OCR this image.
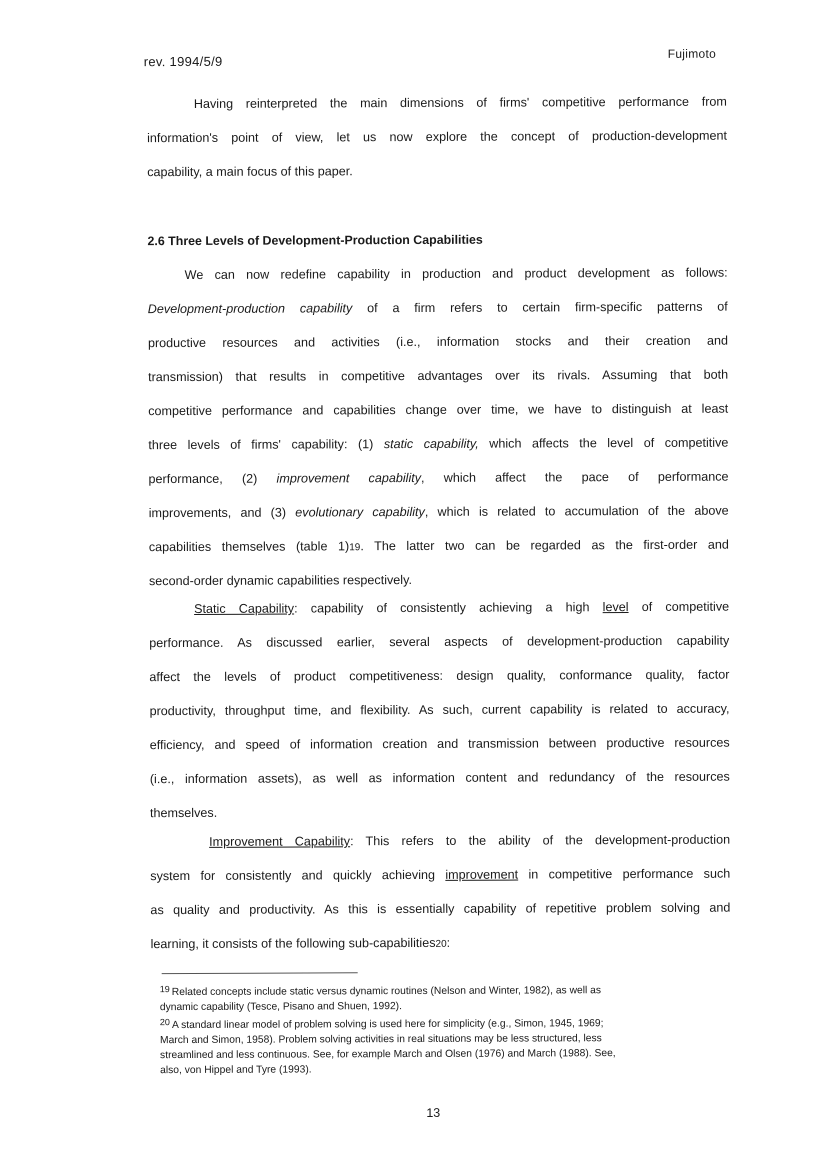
rev. 1994/5/9
Fujimoto
Having reinterpreted the main dimensions of firms' competitive performance from
information's point of view, let us now explore the concept of production-development
capability, a main focus of this paper.
2.6 Three Levels of Development-Production Capabilities
We can now redefine capability in production and product development as follows:
Development-production capability of a firm refers to certain firm-specific patterns of
productive resources and activities (i.e., information stocks and their creation and
transmission) that results in competitive advantages over its rivals. Assuming that both
competitive performance and capabilities change over time, we have to distinguish at least
three levels of firms' capability: (1) static capability, which affects the level of competitive
performance, (2) improvement capability, which affect the pace of performance
improvements, and (3) evolutionary capability, which is related to accumulation of the above
capabilities themselves (table 1)19. The latter two can be regarded as the first-order and
second-order dynamic capabilities respectively.
Static Capability: capability of consistently achieving a high level of competitive
performance. As discussed earlier, several aspects of development-production capability
affect the levels of product competitiveness: design quality, conformance quality, factor
productivity, throughput time, and flexibility. As such, current capability is related to accuracy,
efficiency, and speed of information creation and transmission between productive resources
(i.e., information assets), as well as information content and redundancy of the resources
themselves.
Improvement Capability: This refers to the ability of the development-production
system for consistently and quickly achieving improvement in competitive performance such
as quality and productivity. As this is essentially capability of repetitive problem solving and
learning, it consists of the following sub-capabilities20:
19 Related concepts include static versus dynamic routines (Nelson and Winter, 1982), as well as
dynamic capability (Tesce, Pisano and Shuen, 1992).
20 A standard linear model of problem solving is used here for simplicity (e.g., Simon, 1945, 1969;
March and Simon, 1958). Problem solving activities in real situations may be less structured, less
streamlined and less continuous. See, for example March and Olsen (1976) and March (1988). See,
also, von Hippel and Tyre (1993).
13
